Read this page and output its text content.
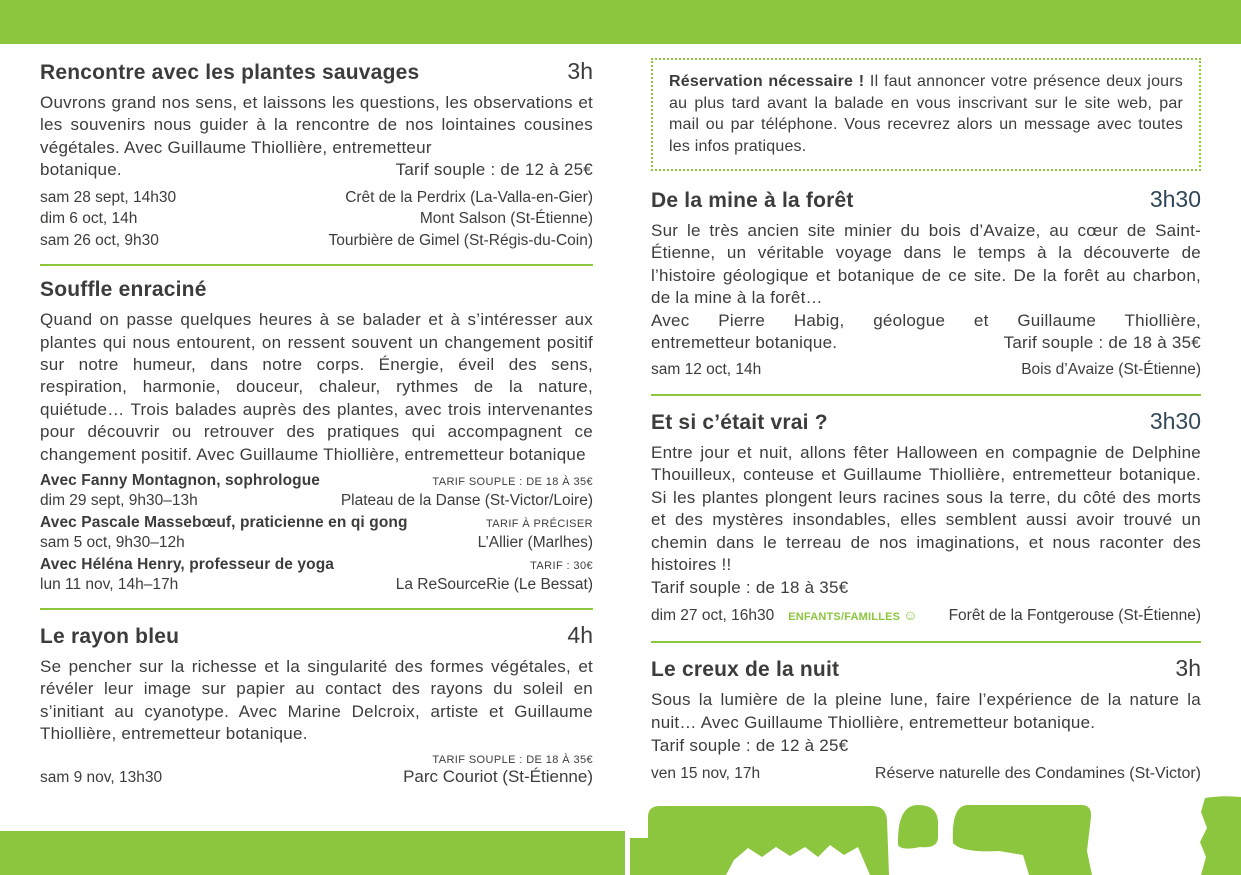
Rencontre avec les plantes sauvages	3h

Ouvrons grand nos sens, et laissons les questions, les observations et les souvenirs nous guider à la rencontre de nos lointaines cousines végétales. Avec Guillaume Thiollière, entremetteur

botanique.	Tarif souple : de 12 à 25€
sam 28 sept, 14h30	Crêt de la Perdrix (La-Valla-en-Gier)
dim 6 oct, 14h	Mont Salson (St-Étienne)
sam 26 oct, 9h30	Tourbière de Gimel (St-Régis-du-Coin)
Souffle enraciné

Quand on passe quelques heures à se balader et à s’intéresser aux plantes qui nous entourent, on ressent souvent un changement positif sur notre humeur, dans notre corps. Énergie, éveil des sens, respiration, harmonie, douceur, chaleur, rythmes de la nature, quiétude… Trois balades auprès des plantes, avec trois intervenantes pour découvrir ou retrouver des pratiques qui accompagnent ce changement positif. Avec Guillaume Thiollière, entremetteur botanique

Avec Fanny Montagnon, sophrologue	TARIF SOUPLE : DE 18 À 35€
dim 29 sept, 9h30–13h	Plateau de la Danse (St-Victor/Loire)
Avec Pascale Massebœuf, praticienne en qi gong	TARIF À PRÉCISER
sam 5 oct, 9h30–12h	L’Allier (Marlhes)
Avec Héléna Henry, professeur de yoga	TARIF : 30€
lun 11 nov, 14h–17h	La ReSourceRie (Le Bessat)
Le rayon bleu	4h

Se pencher sur la richesse et la singularité des formes végétales, et révéler leur image sur papier au contact des rayons du soleil en s’initiant au cyanotype. Avec Marine Delcroix, artiste et Guillaume Thiollière, entremetteur botanique.

TARIF SOUPLE : DE 18 À 35€
sam 9 nov, 13h30	Parc Couriot (St-Étienne)
Réservation nécessaire ! Il faut annoncer votre présence deux jours au plus tard avant la balade en vous inscrivant sur le site web, par mail ou par téléphone. Vous recevrez alors un message avec toutes les infos pratiques.
De la mine à la forêt	3h30

Sur le très ancien site minier du bois d’Avaize, au cœur de Saint-Étienne, un véritable voyage dans le temps à la découverte de l’histoire géologique et botanique de ce site. De la forêt au charbon, de la mine à la forêt…

Avec Pierre Habig, géologue et Guillaume Thiollière,

entremetteur botanique.	Tarif souple : de 18 à 35€
sam 12 oct, 14h	Bois d’Avaize (St-Étienne)
Et si c’était vrai ?	3h30

Entre jour et nuit, allons fêter Halloween en compagnie de Delphine Thouilleux, conteuse et Guillaume Thiollière, entremetteur botanique. Si les plantes plongent leurs racines sous la terre, du côté des morts et des mystères insondables, elles semblent aussi avoir trouvé un chemin dans le terreau de nos imaginations, et nous raconter des histoires !!

Tarif souple : de 18 à 35€
dim 27 oct, 16h30 ENFANTS/FAMILLES ☺ Forêt de la Fontgerouse (St-Étienne)
Le creux de la nuit	3h

Sous la lumière de la pleine lune, faire l’expérience de la nature la nuit… Avec Guillaume Thiollière, entremetteur botanique.

Tarif souple : de 12 à 25€
ven 15 nov, 17h	Réserve naturelle des Condamines (St-Victor)
